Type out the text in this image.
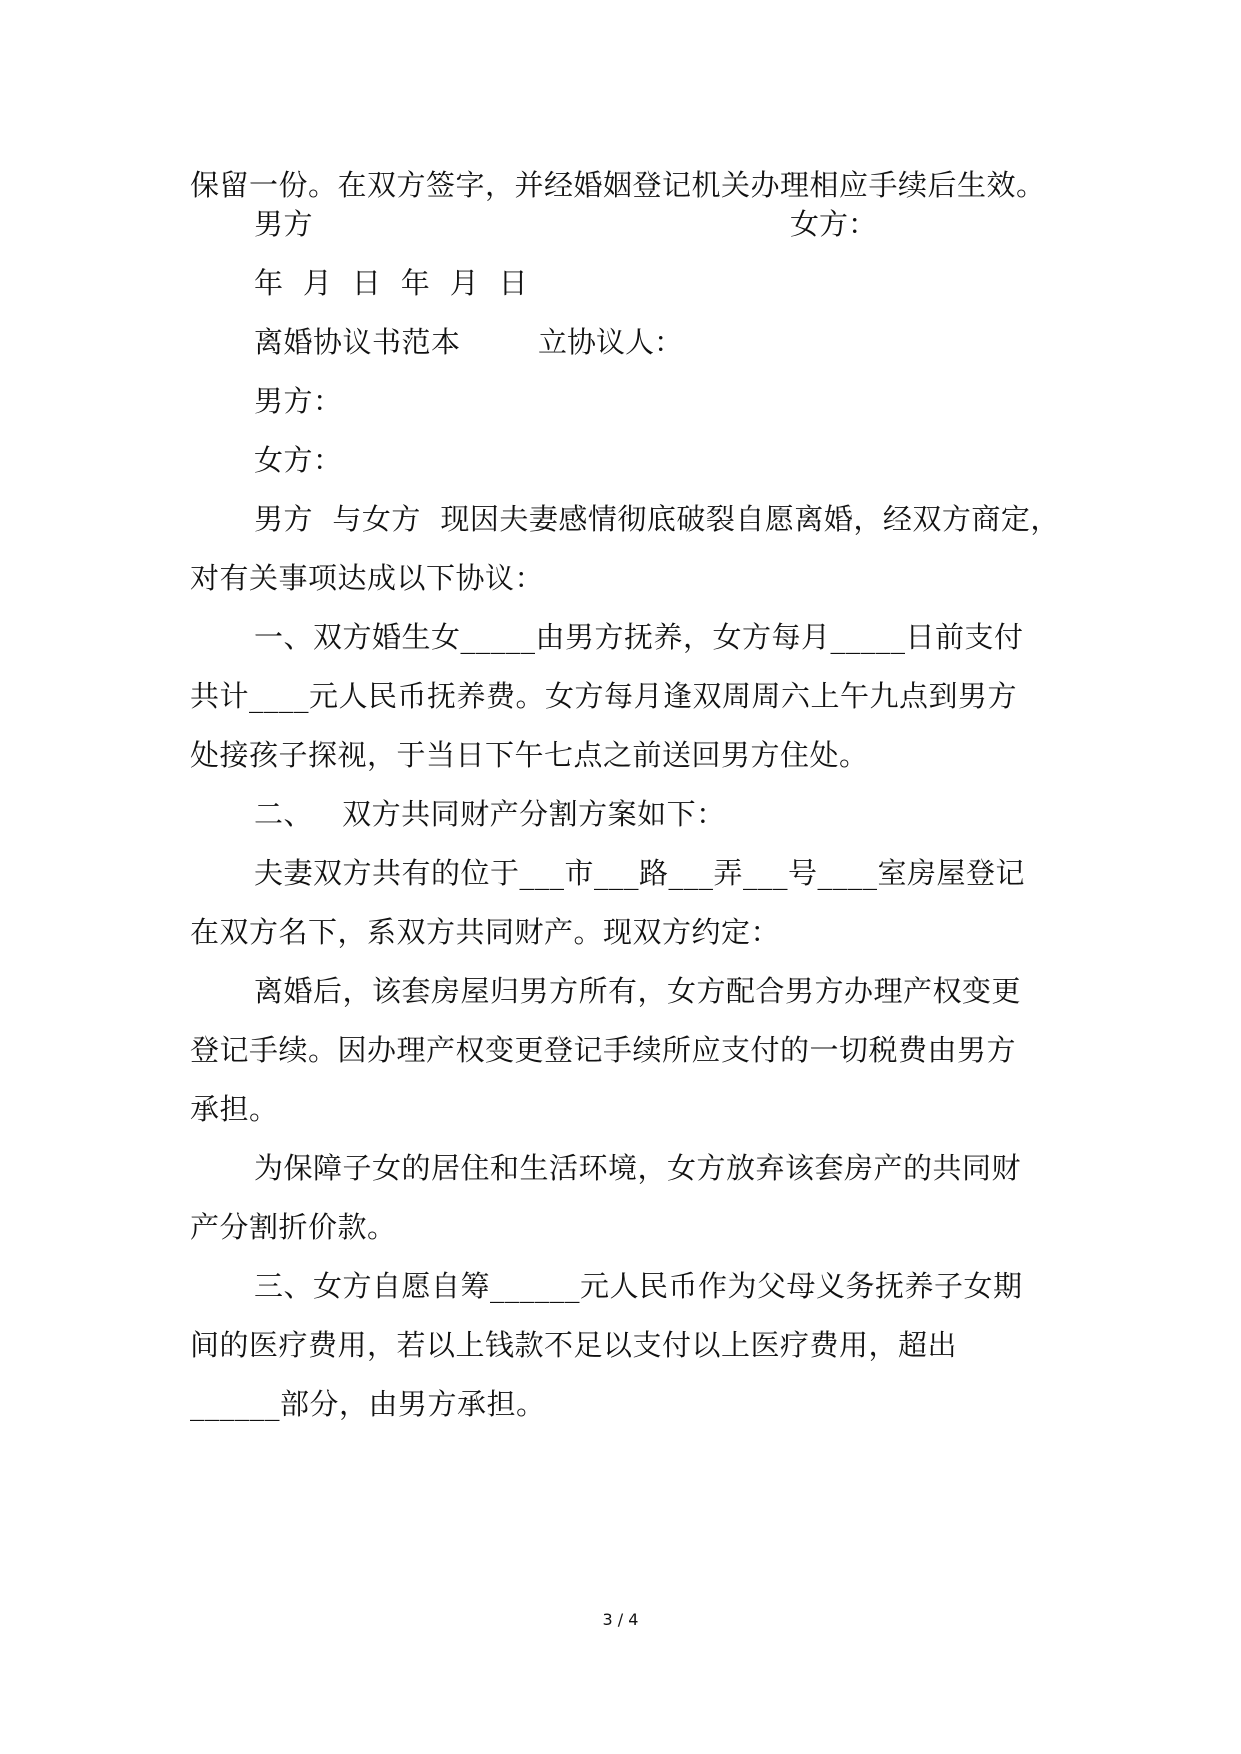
保留一份。在双方签字，并经婚姻登记机关办理相应手续后生效。
男方	女方：
年  月  日  年  月  日
离婚协议书范本	立协议人：
男方：
女方：
男方  与女方  现因夫妻感情彻底破裂自愿离婚，经双方商定，
对有关事项达成以下协议：
一、双方婚生女_____由男方抚养，女方每月_____日前支付
共计____元人民币抚养费。女方每月逢双周周六上午九点到男方
处接孩子探视，于当日下午七点之前送回男方住处。
二、   双方共同财产分割方案如下：
夫妻双方共有的位于___市___路___弄___号____室房屋登记
在双方名下，系双方共同财产。现双方约定：
离婚后，该套房屋归男方所有，女方配合男方办理产权变更
登记手续。因办理产权变更登记手续所应支付的一切税费由男方
承担。
为保障子女的居住和生活环境，女方放弃该套房产的共同财
产分割折价款。
三、女方自愿自筹______元人民币作为父母义务抚养子女期
间的医疗费用，若以上钱款不足以支付以上医疗费用，超出
______部分，由男方承担。
3 / 4
